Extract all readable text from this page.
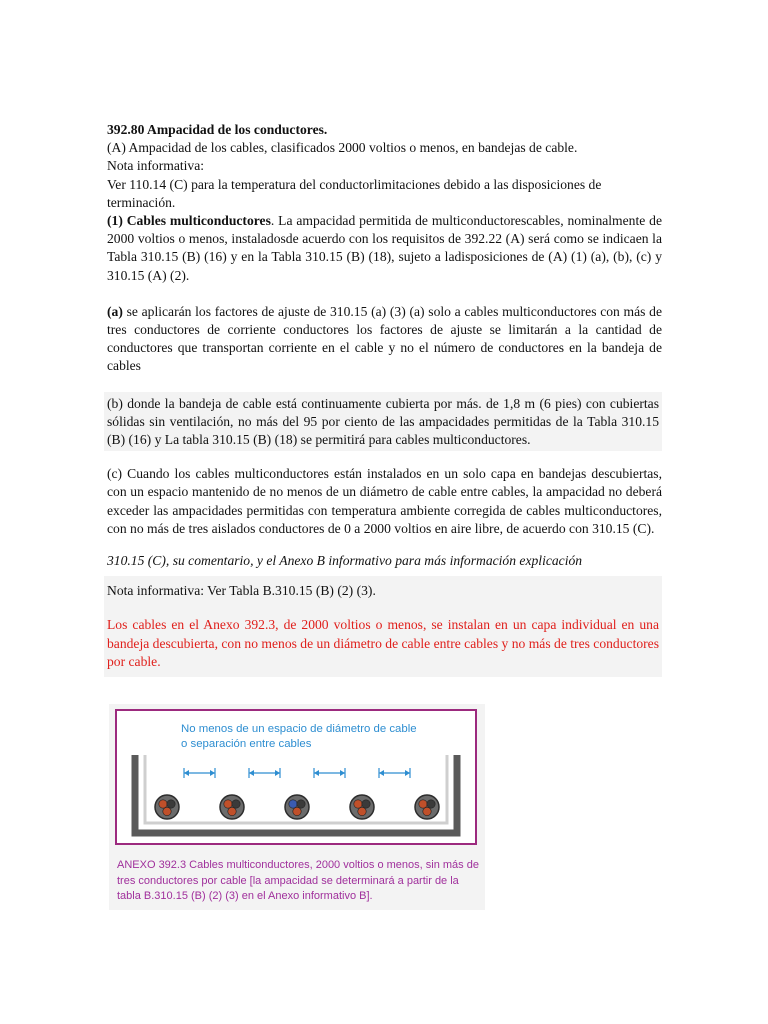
392.80 Ampacidad de los conductores.

(A) Ampacidad de los cables, clasificados 2000 voltios o menos, en bandejas de cable.

Nota informativa:

Ver 110.14 (C) para la temperatura del conductorlimitaciones debido a las disposiciones de terminación.

(1) Cables multiconductores. La ampacidad permitida de multiconductorescables, nominalmente de 2000 voltios o menos, instaladosde acuerdo con los requisitos de 392.22 (A) será como se indicaen la Tabla 310.15 (B) (16) y en la Tabla 310.15 (B) (18), sujeto a ladisposiciones de (A) (1) (a), (b), (c) y 310.15 (A) (2).

(a) se aplicarán los factores de ajuste de 310.15 (a) (3) (a) solo a cables multiconductores con más de tres conductores de corriente conductores los factores de ajuste se limitarán a la cantidad de conductores que transportan corriente en el cable y no el número de conductores en la bandeja de cables

(b) donde la bandeja de cable está continuamente cubierta por más. de 1,8 m (6 pies) con cubiertas sólidas sin ventilación, no más del 95 por ciento de las ampacidades permitidas de la Tabla 310.15 (B) (16) y La tabla 310.15 (B) (18) se permitirá para cables multiconductores.

(c) Cuando los cables multiconductores están instalados en un solo capa en bandejas descubiertas, con un espacio mantenido de no menos de un diámetro de cable entre cables, la ampacidad no deberá exceder las ampacidades permitidas con temperatura ambiente corregida de cables multiconductores, con no más de tres aislados conductores de 0 a 2000 voltios en aire libre, de acuerdo con 310.15 (C).

310.15 (C), su comentario, y el Anexo B informativo para más información explicación

Nota informativa: Ver Tabla B.310.15 (B) (2) (3).

Los cables en el Anexo 392.3, de 2000 voltios o menos, se instalan en un capa individual en una bandeja descubierta, con no menos de un diámetro de cable entre cables y no más de tres conductores por cable.

No menos de un espacio de diámetro de cable
o separación entre cables
ANEXO 392.3 Cables multiconductores, 2000 voltios o menos, sin más de tres conductores por cable [la ampacidad se determinará a partir de la tabla B.310.15 (B) (2) (3) en el Anexo informativo B].
